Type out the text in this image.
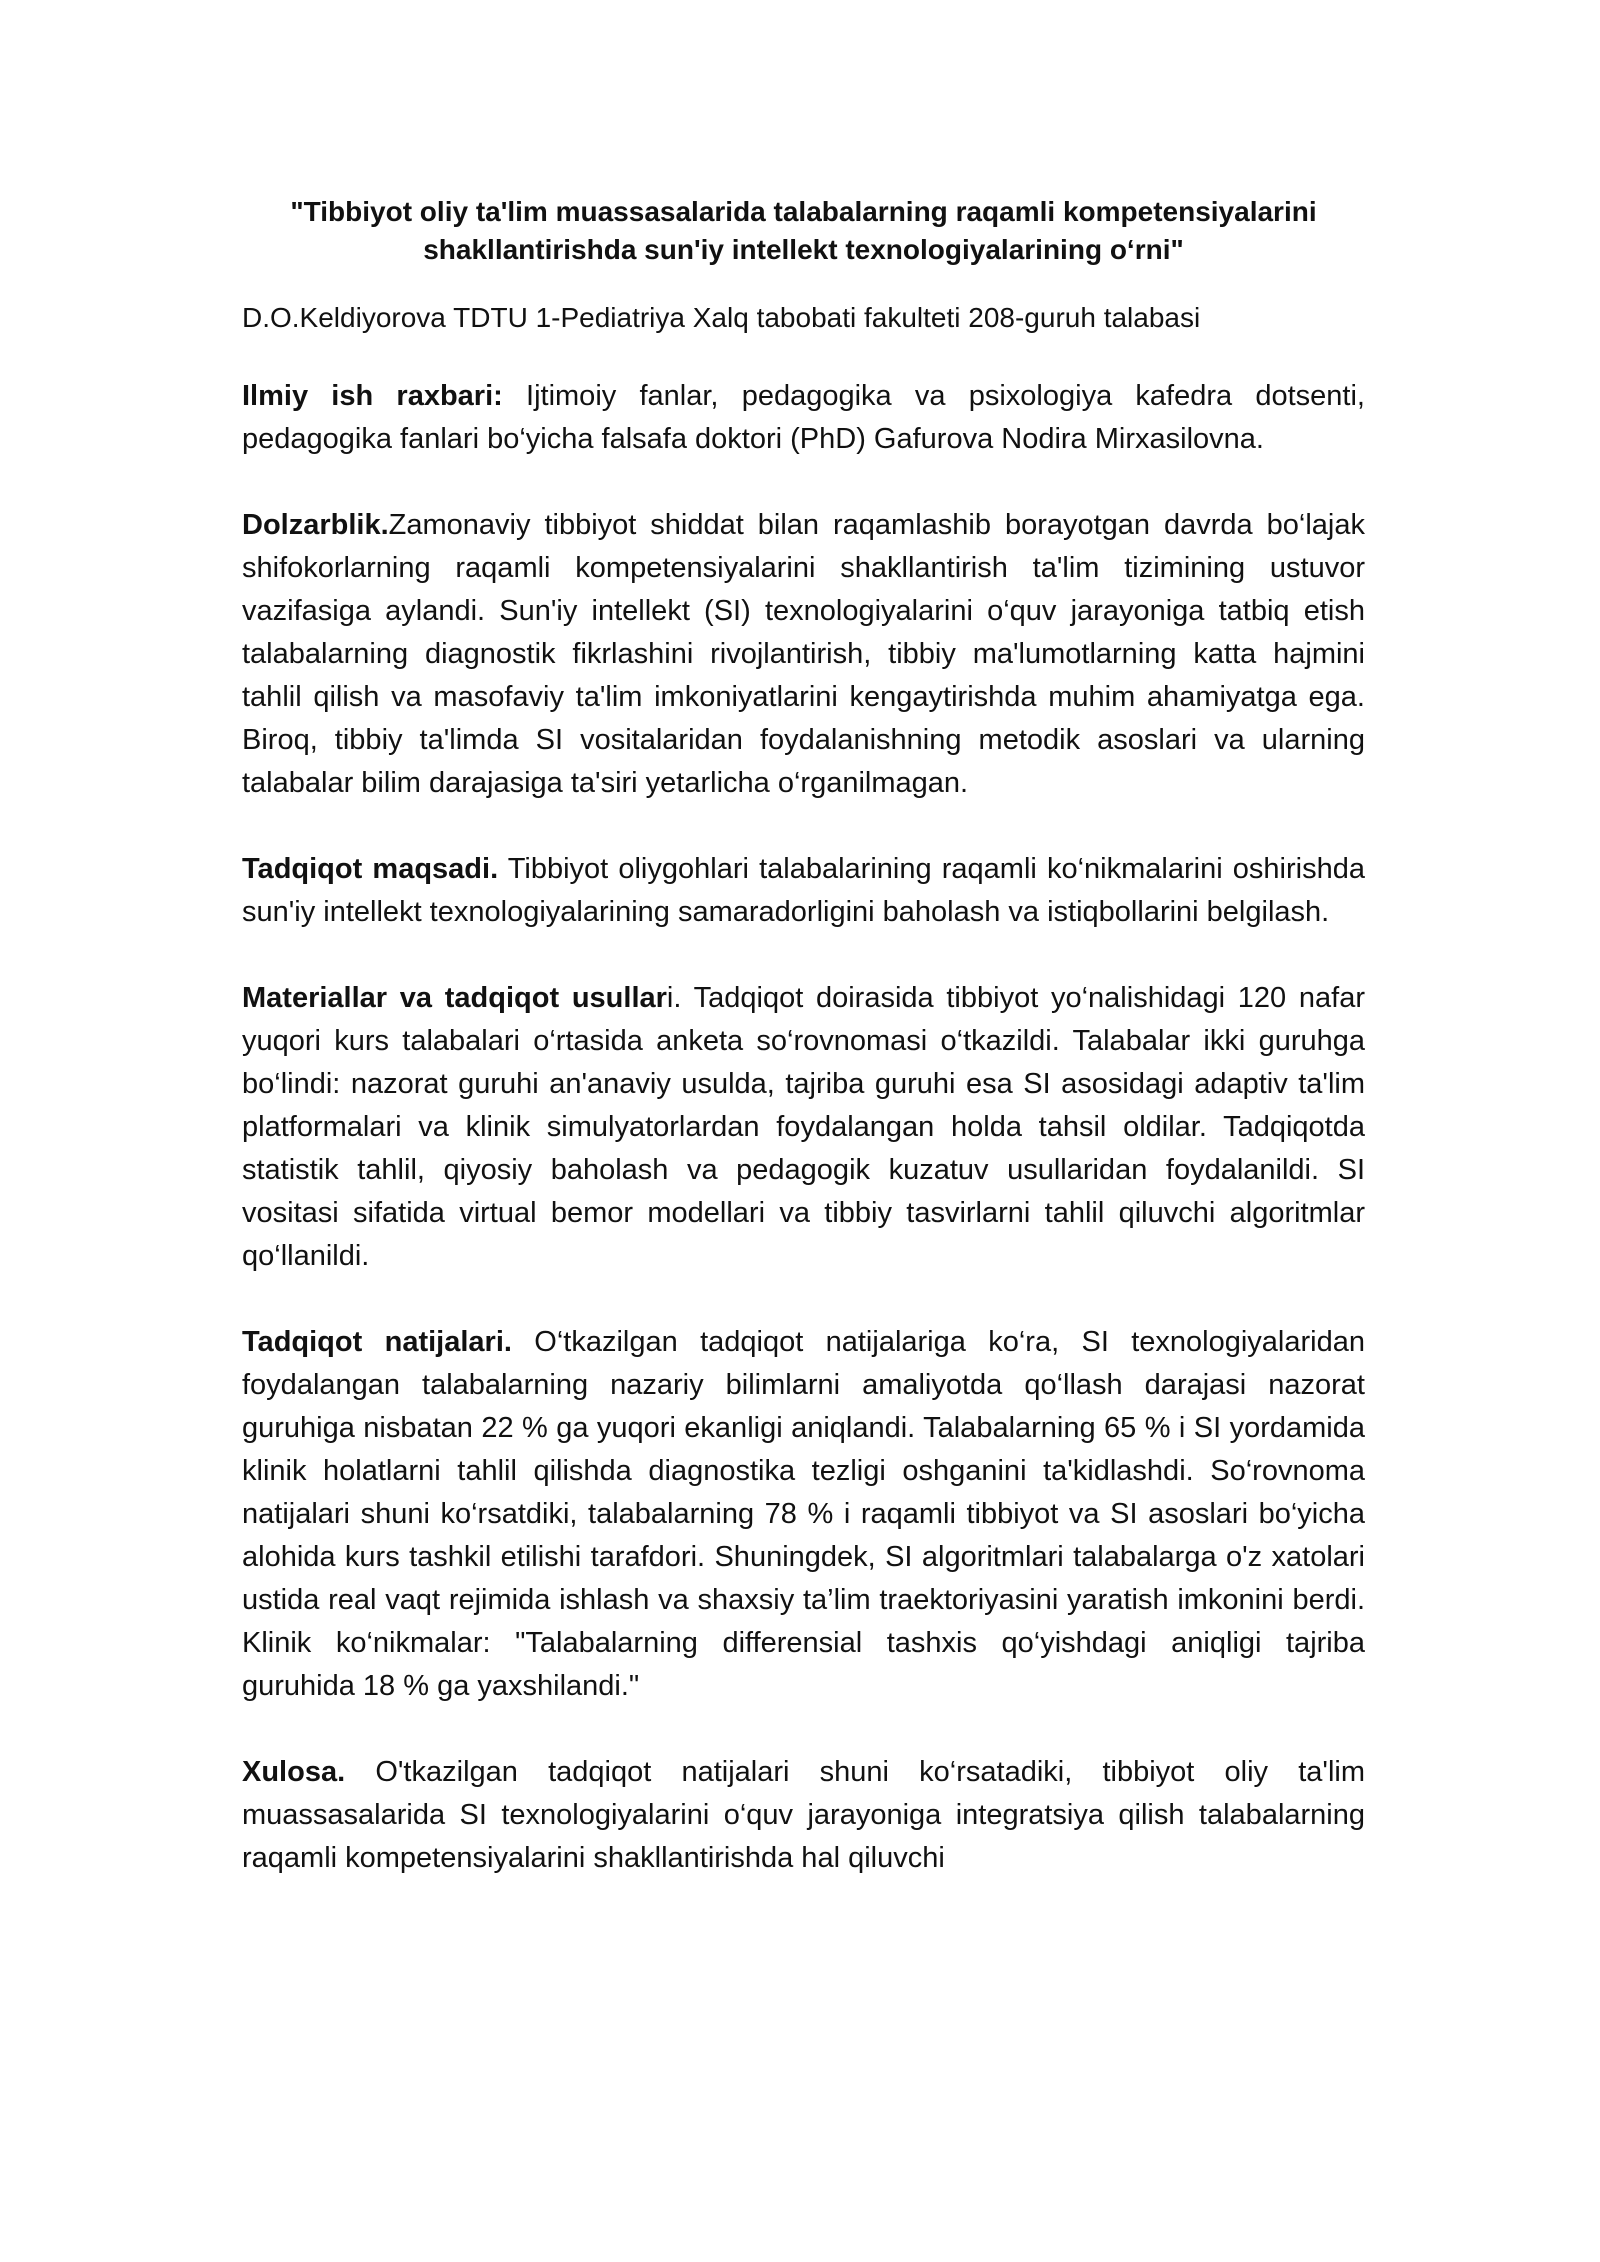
"Tibbiyot oliy ta'lim muassasalarida talabalarning raqamli kompetensiyalarini
shakllantirishda sun'iy intellekt texnologiyalarining o‘rni"
D.O.Keldiyorova TDTU 1-Pediatriya Xalq tabobati fakulteti 208-guruh talabasi
Ilmiy ish raxbari: Ijtimoiy fanlar, pedagogika va psixologiya kafedra dotsenti, pedagogika fanlari bo‘yicha falsafa doktori (PhD) Gafurova Nodira Mirxasilovna.
Dolzarblik.Zamonaviy tibbiyot shiddat bilan raqamlashib borayotgan davrda bo‘lajak shifokorlarning raqamli kompetensiyalarini shakllantirish ta'lim tizimining ustuvor vazifasiga aylandi. Sun'iy intellekt (SI) texnologiyalarini o‘quv jarayoniga tatbiq etish talabalarning diagnostik fikrlashini rivojlantirish, tibbiy ma'lumotlarning katta hajmini tahlil qilish va masofaviy ta'lim imkoniyatlarini kengaytirishda muhim ahamiyatga ega. Biroq, tibbiy ta'limda SI vositalaridan foydalanishning metodik asoslari va ularning talabalar bilim darajasiga ta'siri yetarlicha o‘rganilmagan.
Tadqiqot maqsadi. Tibbiyot oliygohlari talabalarining raqamli ko‘nikmalarini oshirishda sun'iy intellekt texnologiyalarining samaradorligini baholash va istiqbollarini belgilash.
Materiallar va tadqiqot usullari. Tadqiqot doirasida tibbiyot yo‘nalishidagi 120 nafar yuqori kurs talabalari o‘rtasida anketa so‘rovnomasi o‘tkazildi. Talabalar ikki guruhga bo‘lindi: nazorat guruhi an'anaviy usulda, tajriba guruhi esa SI asosidagi adaptiv ta'lim platformalari va klinik simulyatorlardan foydalangan holda tahsil oldilar. Tadqiqotda statistik tahlil, qiyosiy baholash va pedagogik kuzatuv usullaridan foydalanildi. SI vositasi sifatida virtual bemor modellari va tibbiy tasvirlarni tahlil qiluvchi algoritmlar qo‘llanildi.
Tadqiqot natijalari. O‘tkazilgan tadqiqot natijalariga ko‘ra, SI texnologiyalaridan foydalangan talabalarning nazariy bilimlarni amaliyotda qo‘llash darajasi nazorat guruhiga nisbatan 22 % ga yuqori ekanligi aniqlandi. Talabalarning 65 % i SI yordamida klinik holatlarni tahlil qilishda diagnostika tezligi oshganini ta'kidlashdi. So‘rovnoma natijalari shuni ko‘rsatdiki, talabalarning 78 % i raqamli tibbiyot va SI asoslari bo‘yicha alohida kurs tashkil etilishi tarafdori. Shuningdek, SI algoritmlari talabalarga o'z xatolari ustida real vaqt rejimida ishlash va shaxsiy ta’lim traektoriyasini yaratish imkonini berdi. Klinik ko‘nikmalar: "Talabalarning differensial tashxis qo‘yishdagi aniqligi tajriba guruhida 18 % ga yaxshilandi."
Xulosa. O'tkazilgan tadqiqot natijalari shuni ko‘rsatadiki, tibbiyot oliy ta'lim muassasalarida SI texnologiyalarini o‘quv jarayoniga integratsiya qilish talabalarning raqamli kompetensiyalarini shakllantirishda hal qiluvchi
